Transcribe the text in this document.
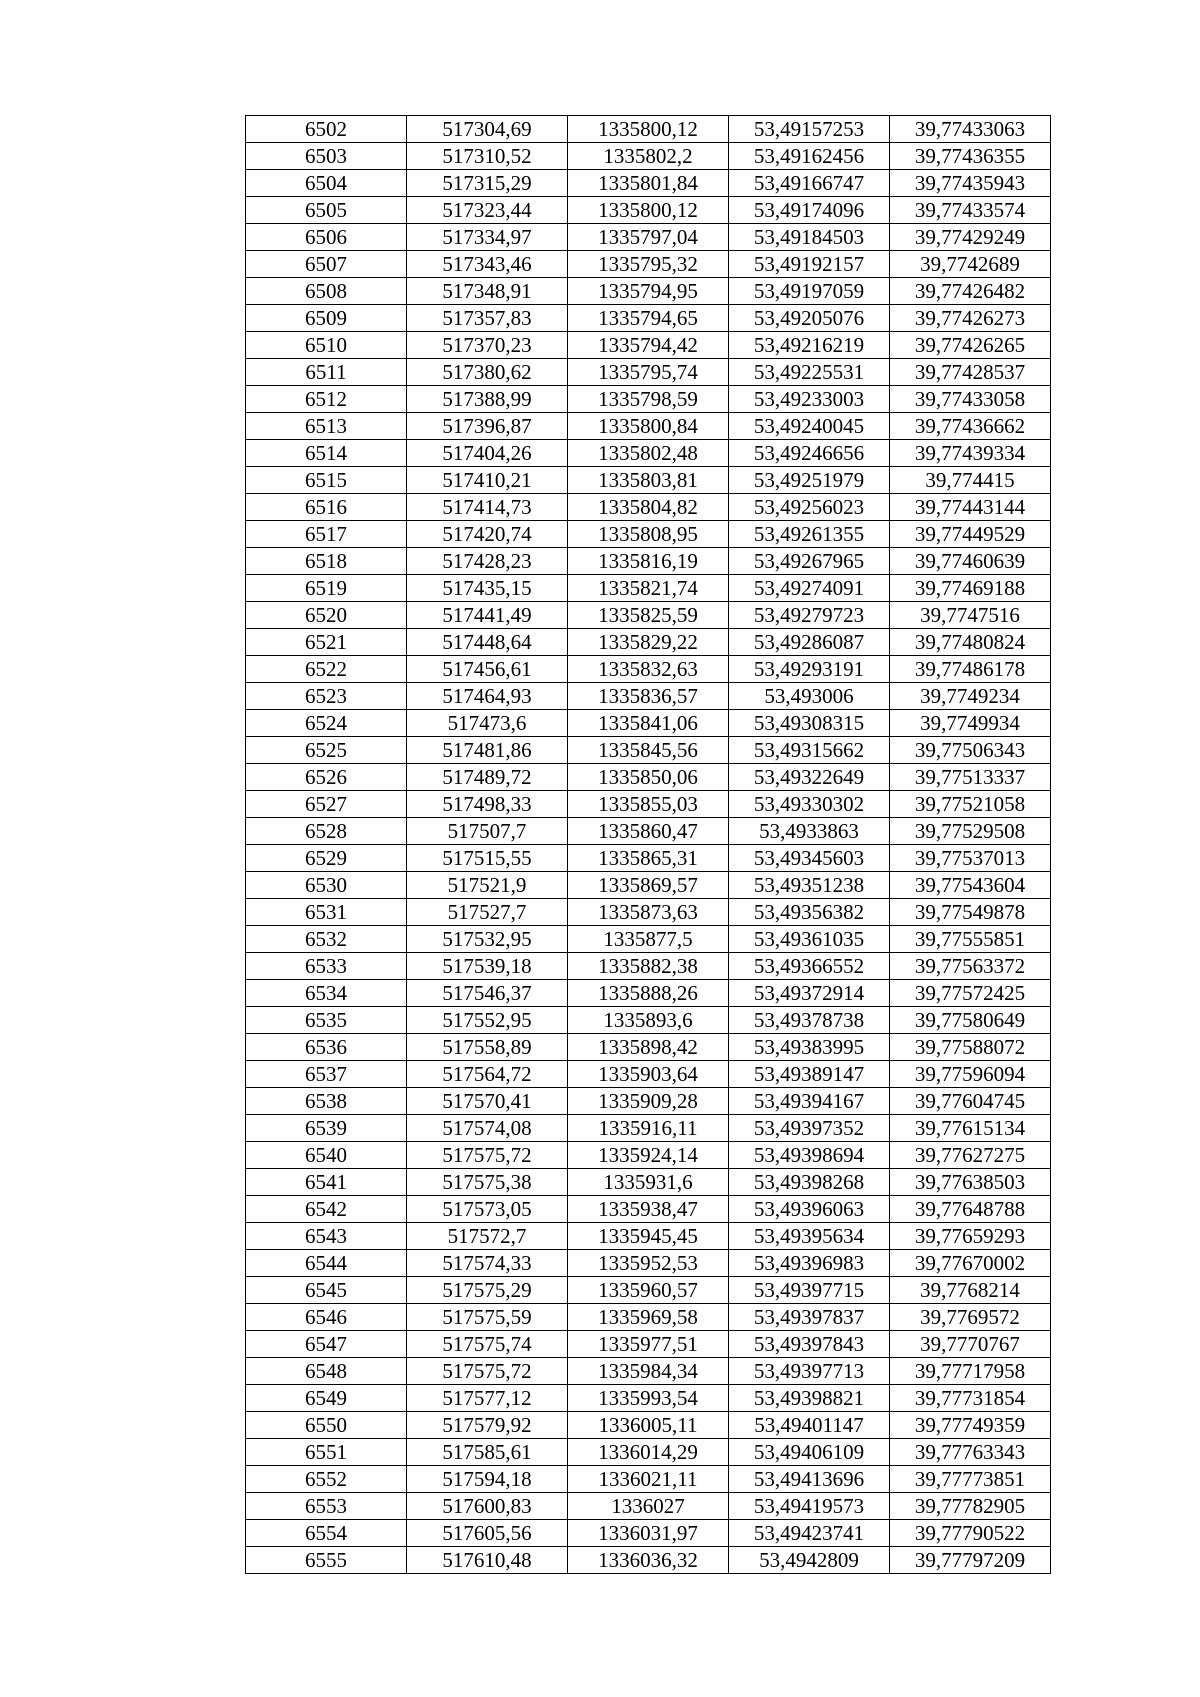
6502	517304,69	1335800,12	53,49157253	39,77433063
6503	517310,52	1335802,2	53,49162456	39,77436355
6504	517315,29	1335801,84	53,49166747	39,77435943
6505	517323,44	1335800,12	53,49174096	39,77433574
6506	517334,97	1335797,04	53,49184503	39,77429249
6507	517343,46	1335795,32	53,49192157	39,7742689
6508	517348,91	1335794,95	53,49197059	39,77426482
6509	517357,83	1335794,65	53,49205076	39,77426273
6510	517370,23	1335794,42	53,49216219	39,77426265
6511	517380,62	1335795,74	53,49225531	39,77428537
6512	517388,99	1335798,59	53,49233003	39,77433058
6513	517396,87	1335800,84	53,49240045	39,77436662
6514	517404,26	1335802,48	53,49246656	39,77439334
6515	517410,21	1335803,81	53,49251979	39,774415
6516	517414,73	1335804,82	53,49256023	39,77443144
6517	517420,74	1335808,95	53,49261355	39,77449529
6518	517428,23	1335816,19	53,49267965	39,77460639
6519	517435,15	1335821,74	53,49274091	39,77469188
6520	517441,49	1335825,59	53,49279723	39,7747516
6521	517448,64	1335829,22	53,49286087	39,77480824
6522	517456,61	1335832,63	53,49293191	39,77486178
6523	517464,93	1335836,57	53,493006	39,7749234
6524	517473,6	1335841,06	53,49308315	39,7749934
6525	517481,86	1335845,56	53,49315662	39,77506343
6526	517489,72	1335850,06	53,49322649	39,77513337
6527	517498,33	1335855,03	53,49330302	39,77521058
6528	517507,7	1335860,47	53,4933863	39,77529508
6529	517515,55	1335865,31	53,49345603	39,77537013
6530	517521,9	1335869,57	53,49351238	39,77543604
6531	517527,7	1335873,63	53,49356382	39,77549878
6532	517532,95	1335877,5	53,49361035	39,77555851
6533	517539,18	1335882,38	53,49366552	39,77563372
6534	517546,37	1335888,26	53,49372914	39,77572425
6535	517552,95	1335893,6	53,49378738	39,77580649
6536	517558,89	1335898,42	53,49383995	39,77588072
6537	517564,72	1335903,64	53,49389147	39,77596094
6538	517570,41	1335909,28	53,49394167	39,77604745
6539	517574,08	1335916,11	53,49397352	39,77615134
6540	517575,72	1335924,14	53,49398694	39,77627275
6541	517575,38	1335931,6	53,49398268	39,77638503
6542	517573,05	1335938,47	53,49396063	39,77648788
6543	517572,7	1335945,45	53,49395634	39,77659293
6544	517574,33	1335952,53	53,49396983	39,77670002
6545	517575,29	1335960,57	53,49397715	39,7768214
6546	517575,59	1335969,58	53,49397837	39,7769572
6547	517575,74	1335977,51	53,49397843	39,7770767
6548	517575,72	1335984,34	53,49397713	39,77717958
6549	517577,12	1335993,54	53,49398821	39,77731854
6550	517579,92	1336005,11	53,49401147	39,77749359
6551	517585,61	1336014,29	53,49406109	39,77763343
6552	517594,18	1336021,11	53,49413696	39,77773851
6553	517600,83	1336027	53,49419573	39,77782905
6554	517605,56	1336031,97	53,49423741	39,77790522
6555	517610,48	1336036,32	53,4942809	39,77797209
